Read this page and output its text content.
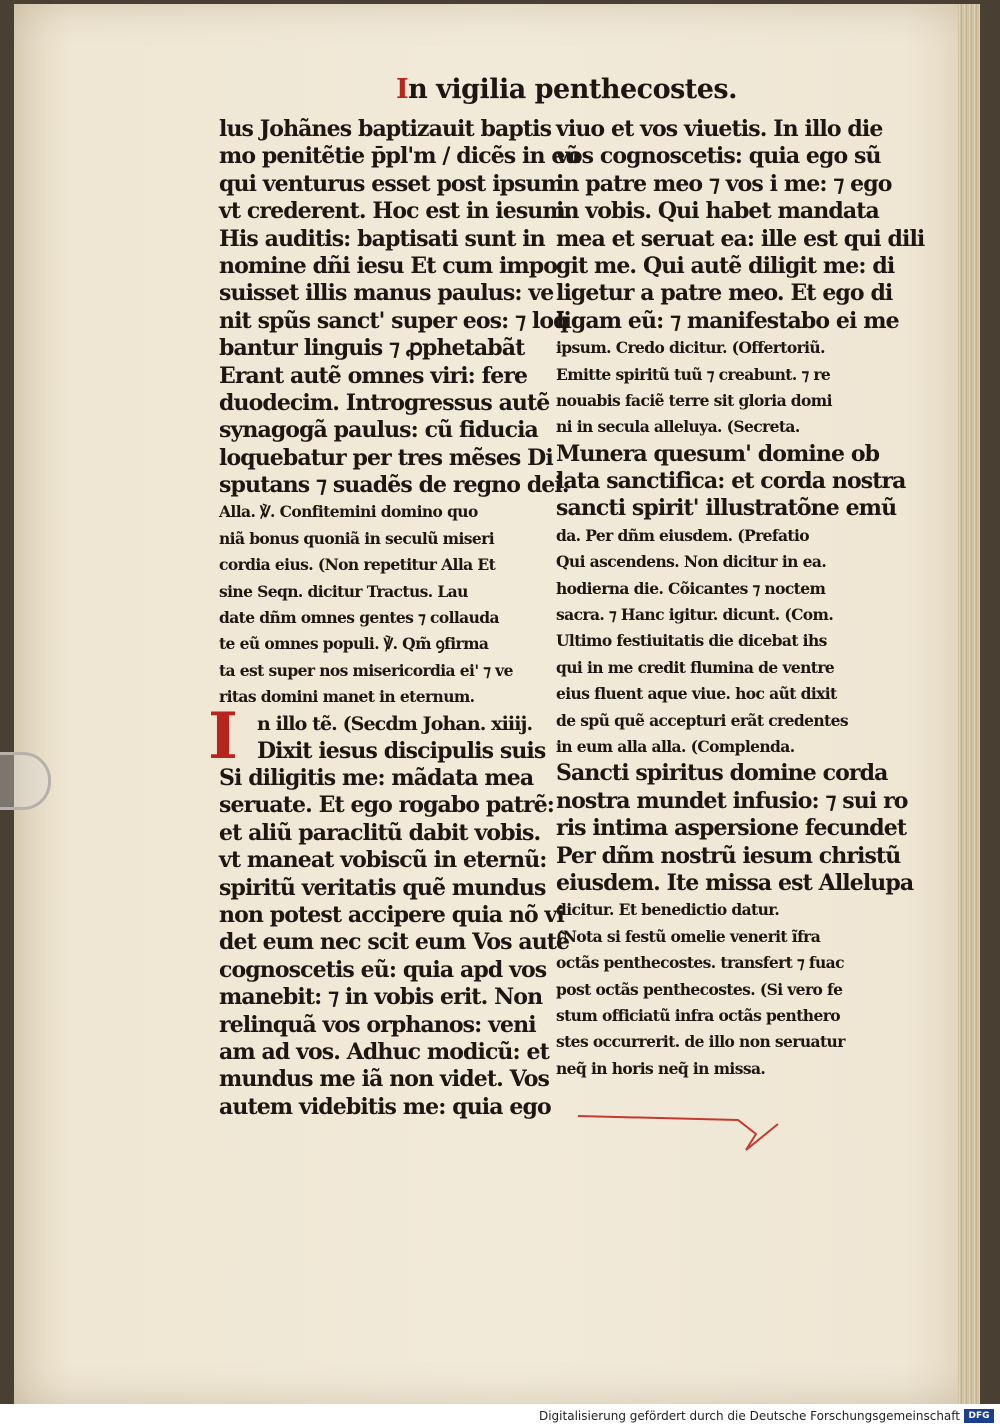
In vigilia penthecostes.
I
lus Johãnes baptizauit baptis
mo penitẽtie p̄pl'm / dicẽs in eũ
qui venturus esset post ipsum
vt crederent. Hoc est in iesum.
His auditis: baptisati sunt in
nomine dñi iesu Et cum impo
suisset illis manus paulus: ve
nit spũs sanct' super eos: ⁊ loq̄
bantur linguis ⁊ ꝓphetabãt
Erant autẽ omnes viri: fere
duodecim. Introgressus autẽ
synagogã paulus: cũ fiducia
loquebatur per tres mẽses Di
sputans ⁊ suadẽs de regno dei.
Alla. ℣. Confitemini domino quo
niã bonus quoniã in seculũ miseri
cordia eius. (Non repetitur Alla Et
sine Seqn. dicitur Tractus. Lau
date dñm omnes gentes ⁊ collauda
te eũ omnes populi. ℣. Qm̃ ꝯfirma
ta est super nos misericordia ei' ⁊ ve
ritas domini manet in eternum.
n illo tẽ. (Secdm Johan. xiiij.
Dixit iesus discipulis suis
Si diligitis me: mãdata mea
seruate. Et ego rogabo patrẽ:
et aliũ paraclitũ dabit vobis.
vt maneat vobiscũ in eternũ:
spiritũ veritatis quẽ mundus
non potest accipere quia nõ vi
det eum nec scit eum Vos autẽ
cognoscetis eũ: quia apd vos
manebit: ⁊ in vobis erit. Non
relinquã vos orphanos: veni
am ad vos. Adhuc modicũ: et
mundus me iã non videt. Vos
autem videbitis me: quia ego
viuo et vos viuetis. In illo die
vos cognoscetis: quia ego sũ
in patre meo ⁊ vos i me: ⁊ ego
in vobis. Qui habet mandata
mea et seruat ea: ille est qui dili
git me. Qui autẽ diligit me: di
ligetur a patre meo. Et ego di
ligam eũ: ⁊ manifestabo ei me
ipsum. Credo dicitur. (Offertoriũ.
Emitte spiritũ tuũ ⁊ creabunt. ⁊ re
nouabis faciẽ terre sit gloria domi
ni in secula alleluya. (Secreta.
Munera quesum' domine ob
lata sanctifica: et corda nostra
sancti spirit' illustratõne emũ
da. Per dñm eiusdem. (Prefatio
Qui ascendens. Non dicitur in ea.
hodierna die. Cõicantes ⁊ noctem
sacra. ⁊ Hanc igitur. dicunt. (Com.
Ultimo festiuitatis die dicebat ihs
qui in me credit flumina de ventre
eius fluent aque viue. hoc aũt dixit
de spũ quẽ accepturi erãt credentes
in eum alla alla. (Complenda.
Sancti spiritus domine corda
nostra mundet infusio: ⁊ sui ro
ris intima aspersione fecundet
Per dñm nostrũ iesum christũ
eiusdem. Ite missa est Allelupa
dicitur. Et benedictio datur.
(Nota si festũ omelie venerit ĩfra
octãs penthecostes. transfert ⁊ fuac
post octãs penthecostes. (Si vero fe
stum officiatũ infra octãs penthero
stes occurrerit. de illo non seruatur
neq̃ in horis neq̃ in missa.
Digitalisierung gefördert durch die Deutsche Forschungsgemeinschaft DFG
